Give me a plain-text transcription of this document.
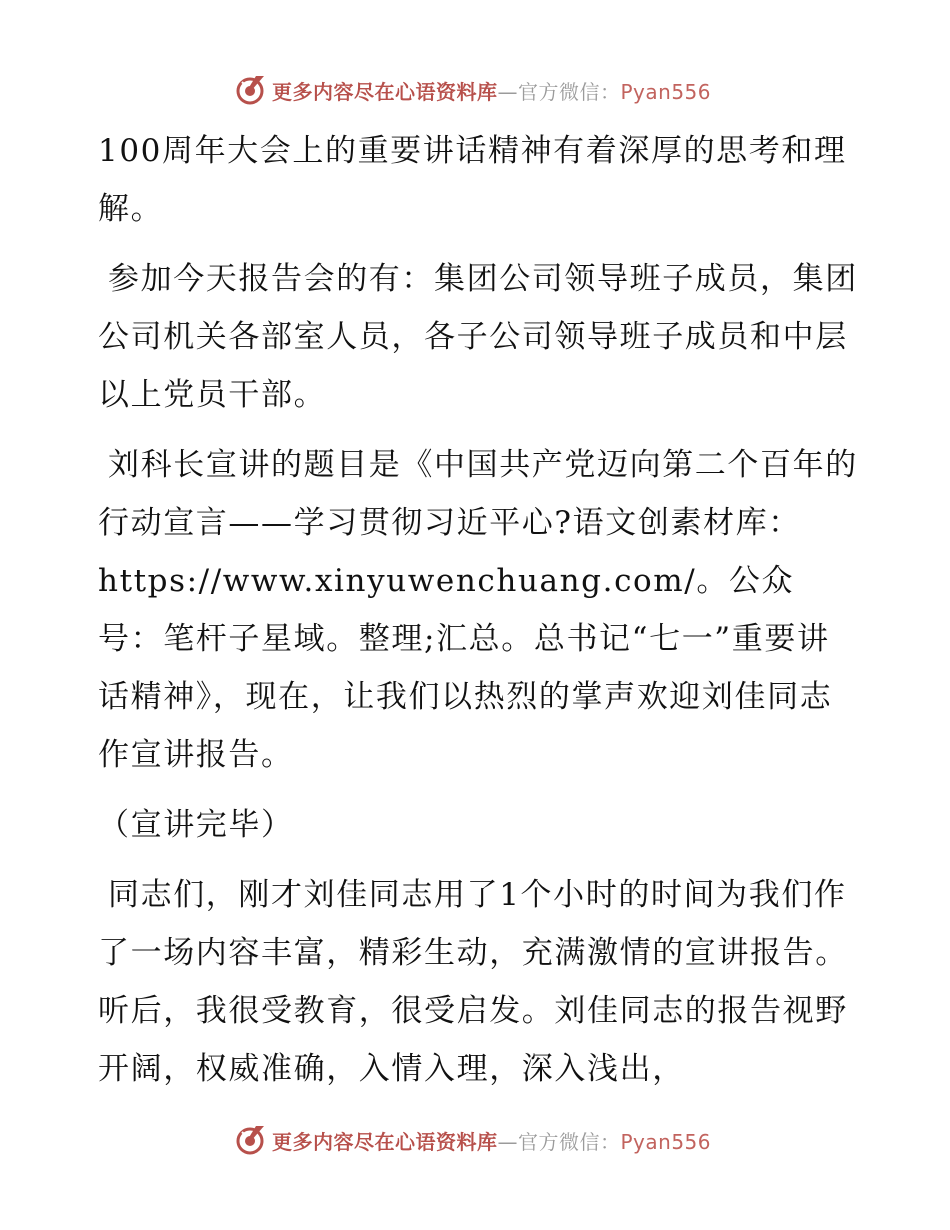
更多内容尽在心语资料库—官方微信：Pyan556

100周年大会上的重要讲话精神有着深厚的思考和理解。

参加今天报告会的有：集团公司领导班子成员，集团公司机关各部室人员，各子公司领导班子成员和中层以上党员干部。

刘科长宣讲的题目是《中国共产党迈向第二个百年的行动宣言——学习贯彻习近平心?语文创素材库：https://www.xinyuwenchuang.com/。公众号：笔杆子星域。整理;汇总。总书记“七一”重要讲话精神》，现在，让我们以热烈的掌声欢迎刘佳同志作宣讲报告。

（宣讲完毕）

同志们，刚才刘佳同志用了1个小时的时间为我们作了一场内容丰富，精彩生动，充满激情的宣讲报告。听后，我很受教育，很受启发。刘佳同志的报告视野开阔，权威准确，入情入理，深入浅出，

更多内容尽在心语资料库—官方微信：Pyan556
